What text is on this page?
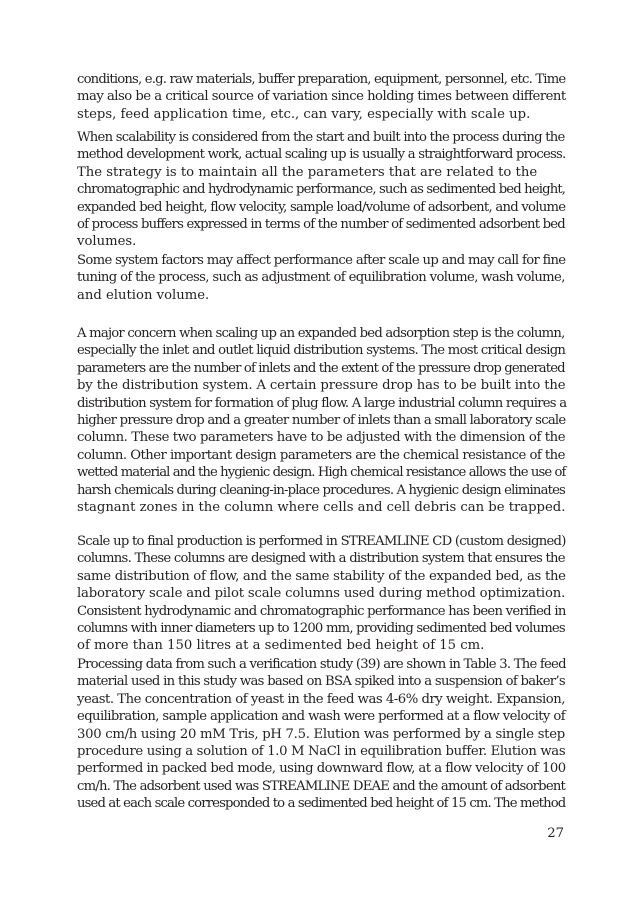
conditions, e.g. raw materials, buffer preparation, equipment, personnel, etc. Time

may also be a critical source of variation since holding times between different

steps, feed application time, etc., can vary, especially with scale up.

When scalability is considered from the start and built into the process during the

method development work, actual scaling up is usually a straightforward process.

The strategy is to maintain all the parameters that are related to the

chromatographic and hydrodynamic performance, such as sedimented bed height,

expanded bed height, flow velocity, sample load/volume of adsorbent, and volume

of process buffers expressed in terms of the number of sedimented adsorbent bed

volumes.

Some system factors may affect performance after scale up and may call for fine

tuning of the process, such as adjustment of equilibration volume, wash volume,

and elution volume.

A major concern when scaling up an expanded bed adsorption step is the column,

especially the inlet and outlet liquid distribution systems. The most critical design

parameters are the number of inlets and the extent of the pressure drop generated

by the distribution system. A certain pressure drop has to be built into the

distribution system for formation of plug flow. A large industrial column requires a

higher pressure drop and a greater number of inlets than a small laboratory scale

column. These two parameters have to be adjusted with the dimension of the

column. Other important design parameters are the chemical resistance of the

wetted material and the hygienic design. High chemical resistance allows the use of

harsh chemicals during cleaning-in-place procedures. A hygienic design eliminates

stagnant zones in the column where cells and cell debris can be trapped.

Scale up to final production is performed in STREAMLINE CD (custom designed)

columns. These columns are designed with a distribution system that ensures the

same distribution of flow, and the same stability of the expanded bed, as the

laboratory scale and pilot scale columns used during method optimization.

Consistent hydrodynamic and chromatographic performance has been verified in

columns with inner diameters up to 1200 mm, providing sedimented bed volumes

of more than 150 litres at a sedimented bed height of 15 cm.

Processing data from such a verification study (39) are shown in Table 3. The feed

material used in this study was based on BSA spiked into a suspension of baker’s

yeast. The concentration of yeast in the feed was 4-6% dry weight. Expansion,

equilibration, sample application and wash were performed at a flow velocity of

300 cm/h using 20 mM Tris, pH 7.5. Elution was performed by a single step

procedure using a solution of 1.0 M NaCl in equilibration buffer. Elution was

performed in packed bed mode, using downward flow, at a flow velocity of 100

cm/h. The adsorbent used was STREAMLINE DEAE and the amount of adsorbent

used at each scale corresponded to a sedimented bed height of 15 cm. The method

27
